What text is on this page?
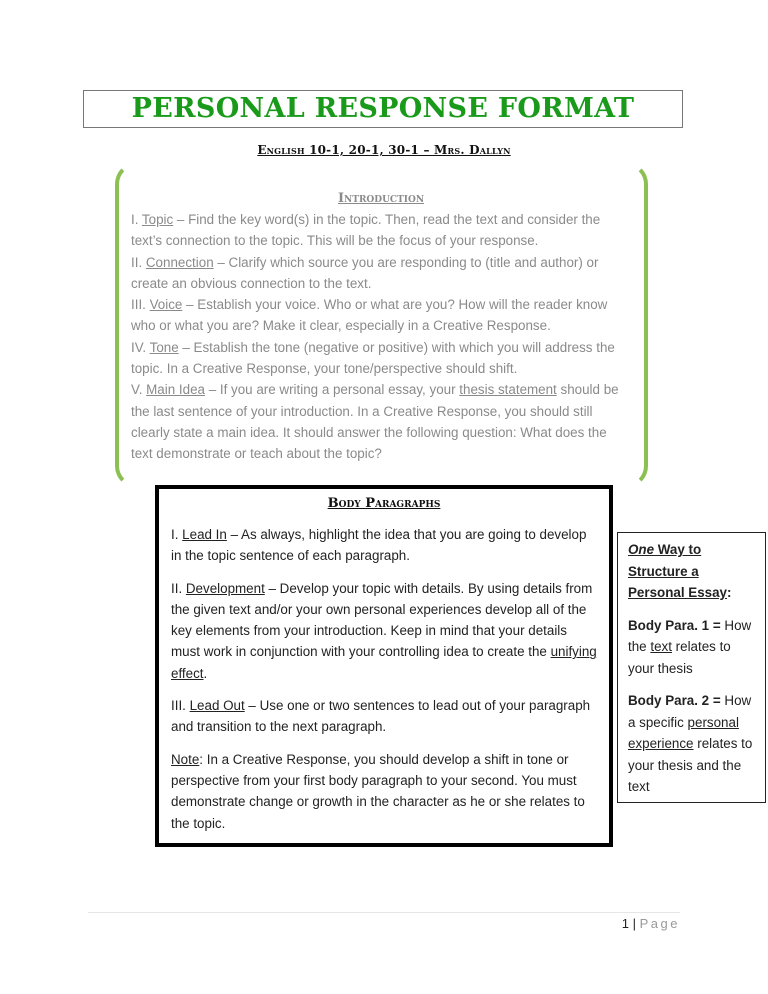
PERSONAL RESPONSE FORMAT
English 10-1, 20-1, 30-1 – Mrs. Dallyn
Introduction
I. Topic – Find the key word(s) in the topic. Then, read the text and consider the text’s connection to the topic. This will be the focus of your response.
II. Connection – Clarify which source you are responding to (title and author) or create an obvious connection to the text.
III. Voice – Establish your voice. Who or what are you? How will the reader know who or what you are? Make it clear, especially in a Creative Response.
IV. Tone – Establish the tone (negative or positive) with which you will address the topic. In a Creative Response, your tone/perspective should shift.
V. Main Idea – If you are writing a personal essay, your thesis statement should be the last sentence of your introduction. In a Creative Response, you should still clearly state a main idea. It should answer the following question: What does the text demonstrate or teach about the topic?
Body Paragraphs

I. Lead In – As always, highlight the idea that you are going to develop in the topic sentence of each paragraph.

II. Development – Develop your topic with details. By using details from the given text and/or your own personal experiences develop all of the key elements from your introduction. Keep in mind that your details must work in conjunction with your controlling idea to create the unifying effect.

III. Lead Out – Use one or two sentences to lead out of your paragraph and transition to the next paragraph.

Note: In a Creative Response, you should develop a shift in tone or perspective from your first body paragraph to your second. You must demonstrate change or growth in the character as he or she relates to the topic.

One Way to Structure a Personal Essay:

Body Para. 1 = How the text relates to your thesis

Body Para. 2 = How a specific personal experience relates to your thesis and the text

1 | Page
